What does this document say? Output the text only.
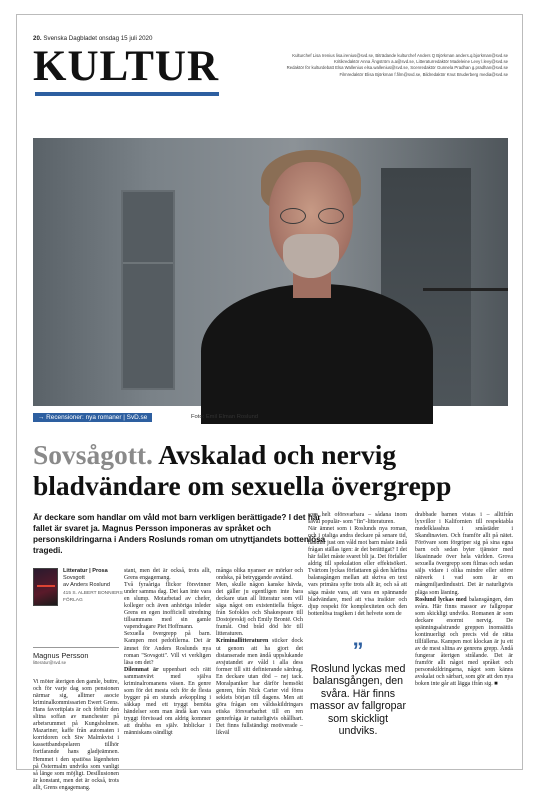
20. Svenska Dagbladet onsdag 15 juli 2020
KULTUR	Kulturchef Lisa Irenius lisa.irenius@svd.se, Biträdande kulturchef Anders Q Björkman anders.q.bjorkman@svd.se
Kritikredaktör Anna Ångström a.a@svd.se, Litteraturredaktör Madeleine Levy l.levy@svd.se
Redaktör för kulturdebatt Elsa Wallenius elsa.wallenius@svd.se, Scenredaktör Gunnela Pradhan g.pradhan@svd.se
Filmredaktör Elisa Björkman f.film@svd.se, Bildredaktör Knut Bruderberg media@svd.se
Anders Roslund (född 1961) har tilldelats flera priser, bland annat International Dagger för bästa europeiska krim och Glasnyckeln för bästa nordiska krim. Hans böcker ges ut på 30 språk.
→ Recensioner: nya romaner | SvD.se	Foto: Emil Elman Roslund
Sovsågott. Avskalad och nervig bladvändare om sexuella övergrepp
Är deckare som handlar om våld mot barn verkligen berättigade? I det här fallet är svaret ja. Magnus Persson imponeras av språket och personskildringarna i Anders Roslunds roman om utnyttjandets bottenlösa tragedi.
Litteratur | Prosa
Sovsgott
av Anders Roslund
415 S. ALBERT BONNIERS FÖRLAG
Magnus Persson
litteratur@svd.se

Vi möter återigen den gamle, buttre, och för varje dag som pensionen närmar sig, alltmer asocie kriminalkommissarien Ewert Grens. Hans favoritplats är och förblir den slitna soffan av manchester på arbetsrummet på Kungsholmen. Mazariner, kaffe från automaten i korridoren och Siw Malmkvist i kassettbandspelaren tillhör fortfarande hans gladjeämnen. Hemmet i den spatiösa lägenheten på Östermalm undviks som vanligt så länge som möjligt. Desillusionen är konstant, men det är också, trots allt, Grens engagemang.

stant, men det är också, trots allt, Grens engagemang.

Två fyraåriga flickor försvinner under samma dag. Det kan inte vara en slump. Motarbetad av chefer, kolleger och även anhöriga inleder Grens en egen inofficiell utredning tillsammans med sin gamle vapendragare Piet Hoffmann.

Sexuella övergrepp på barn. Kampen mot pedofilerna. Det är ämnet för Anders Roslunds nya roman "Sovsgott". Vill vi verkligen läsa om det?

Dilemmat är uppenbart och rätt sammanvävt med själva kriminalromanens väsen. En genre som för det mesta och för de flesta bygger på en stunds avkoppling i säkkap med ett tryggt bemöta händelser som man ändå kan vara tryggt förvissad om aldrig kommer att drabba en själv. Inblickar i människans oändligt

många olika nyanser av mörker och ondska, på betryggande avstånd.

Men, skulle någon kanske hävda, det gäller ju egentligen inte bara deckare utan all litteratur som vill säga något om existentiella frågor. från Sofokles och Shakespeare till Dostojevskij och Emily Brontë. Och framåt. Ond bråd död hör till litteraturen.

Kriminallitteraturen sticker dock ut genom att ha gjort det distanserade men ändå uppslukande avsjutandet av våld i alla dess former till sitt definierande särdrag. En deckare utan död – nej tack. Moralpaniker har därför hemsökt genren, från Nick Carter vid förra seklets början till dagens. Men att göra frågan om våldsskildringars etiska försvarbarhet till en ren genrefråga är naturligtvis ohållbart. Det finns fullständigt motiverade – likväl

som helt oförsvarbara – sådana inom såväl populär- som "fin"-litteraturen.

När ämnet som i Roslunds nya roman, och i otaliga andra deckare på senare tid, handlar just om våld mot barn måste ändå frågan ställas igen: är det berättigat? I det här fallet måste svaret bli ja. Det förfaller aldrig till spekulation eller effektsökeri. Tvärtom lyckas författaren gå den hårfina balansgången mellan att skriva en text vars primära syfte trots allt är, och så att säga måste vara, att vara en spännande bladvändare, med att visa insikter och djup respekt för komplexiteten och den bottenlösa tragiken i det helvete som de

”
Roslund lyckas med balansgången, den svåra. Här finns massor av fallgropar som skickligt undviks.

drabbade barnen vistas i – alltifrån lyxvillor i Kalifornien till respektabla medelklasshus i småstäder i Skandinavien. Och framför allt på nätet. Förövare som förgriper sig på sina egna barn och sedan byter tjänster med likasinnade över hela världen. Grova sexuella övergrepp som filmas och sedan säljs vidare i olika mindre eller större nätverk i vad som är en mångmiljardindustri. Det är naturligtvis pläga som läsning.

Roslund lyckas med balansgången, den svåra. Här finns massor av fallgropar som skickligt undviks. Romanen är som deckare enormt nervig. De spänningsalstrande greppen inomsättis kontinuerligt och precis vid de rätta tillfällena. Kampen mot klockan är ju ett av de mest slitna av genrens grepp. Ändå fungerar återigen strålande. Det är framför allt något med språket och personskildringarna, något som känns avskalat och särbart, som gör att den nya boken inte går att lägga ifrån sig. ■
